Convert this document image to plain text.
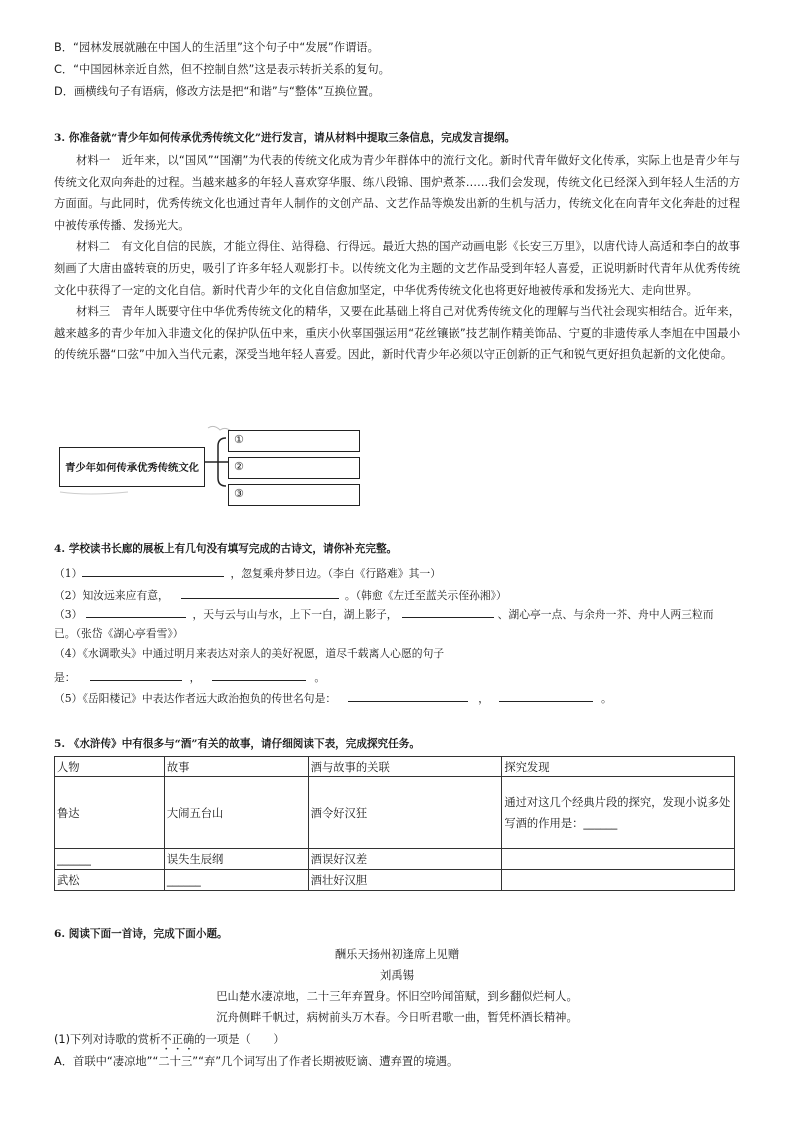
B．“园林发展就融在中国人的生活里”这个句子中“发展”作谓语。
C．“中国园林亲近自然，但不控制自然”这是表示转折关系的复句。
D．画横线句子有语病，修改方法是把“和谐”与“整体”互换位置。
3. 你准备就“青少年如何传承优秀传统文化”进行发言，请从材料中提取三条信息，完成发言提纲。

材料一　近年来，以“国风”“国潮”为代表的传统文化成为青少年群体中的流行文化。新时代青年做好文化传承，实际上也是青少年与传统文化双向奔赴的过程。当越来越多的年轻人喜欢穿华服、练八段锦、围炉煮茶……我们会发现，传统文化已经深入到年轻人生活的方方面面。与此同时，优秀传统文化也通过青年人制作的文创产品、文艺作品等焕发出新的生机与活力，传统文化在向青年文化奔赴的过程中被传承传播、发扬光大。

材料二　有文化自信的民族，才能立得住、站得稳、行得远。最近大热的国产动画电影《长安三万里》，以唐代诗人高适和李白的故事刻画了大唐由盛转衰的历史，吸引了许多年轻人观影打卡。以传统文化为主题的文艺作品受到年轻人喜爱，正说明新时代青年从优秀传统文化中获得了一定的文化自信。新时代青少年的文化自信愈加坚定，中华优秀传统文化也将更好地被传承和发扬光大、走向世界。

材料三　青年人既要守住中华优秀传统文化的精华，又要在此基础上将自己对优秀传统文化的理解与当代社会现实相结合。近年来，越来越多的青少年加入非遗文化的保护队伍中来，重庆小伙辜国强运用“花丝镶嵌”技艺制作精美饰品、宁夏的非遗传承人李旭在中国最小的传统乐器“口弦”中加入当代元素，深受当地年轻人喜爱。因此，新时代青少年必须以守正创新的正气和锐气更好担负起新的文化使命。

青少年如何传承优秀传统文化
①
②
③
4. 学校读书长廊的展板上有几句没有填写完成的古诗文，请你补充完整。
（1）	，忽复乘舟梦日边。（李白《行路难》其一）
（2）知汝远来应有意，	。（韩愈《左迁至蓝关示侄孙湘》）
（3）	，天与云与山与水，上下一白，湖上影子，	、湖心亭一点、与余舟一芥、舟中人两三粒而
已。（张岱《湖心亭看雪》）
（4）《水调歌头》中通过明月来表达对亲人的美好祝愿，道尽千载离人心愿的句子
是：	，	。
（5）《岳阳楼记》中表达作者远大政治抱负的传世名句是：	，	。
5. 《水浒传》中有很多与“酒”有关的故事，请仔细阅读下表，完成探究任务。
人物	故事	酒与故事的关联	探究发现
鲁达	大闹五台山	酒令好汉狂	通过对这几个经典片段的探究，发现小说多处写酒的作用是：______
______	误失生辰纲	酒误好汉差	
武松	______	酒壮好汉胆	
6. 阅读下面一首诗，完成下面小题。
酬乐天扬州初逢席上见赠
刘禹锡
巴山楚水凄凉地，二十三年弃置身。怀旧空吟闻笛赋，到乡翻似烂柯人。
沉舟侧畔千帆过，病树前头万木春。今日听君歌一曲，暂凭杯酒长精神。
(1)下列对诗歌的赏析不正确的一项是（　　）
A．首联中“凄凉地”“二十三”“弃”几个词写出了作者长期被贬谪、遭弃置的境遇。
